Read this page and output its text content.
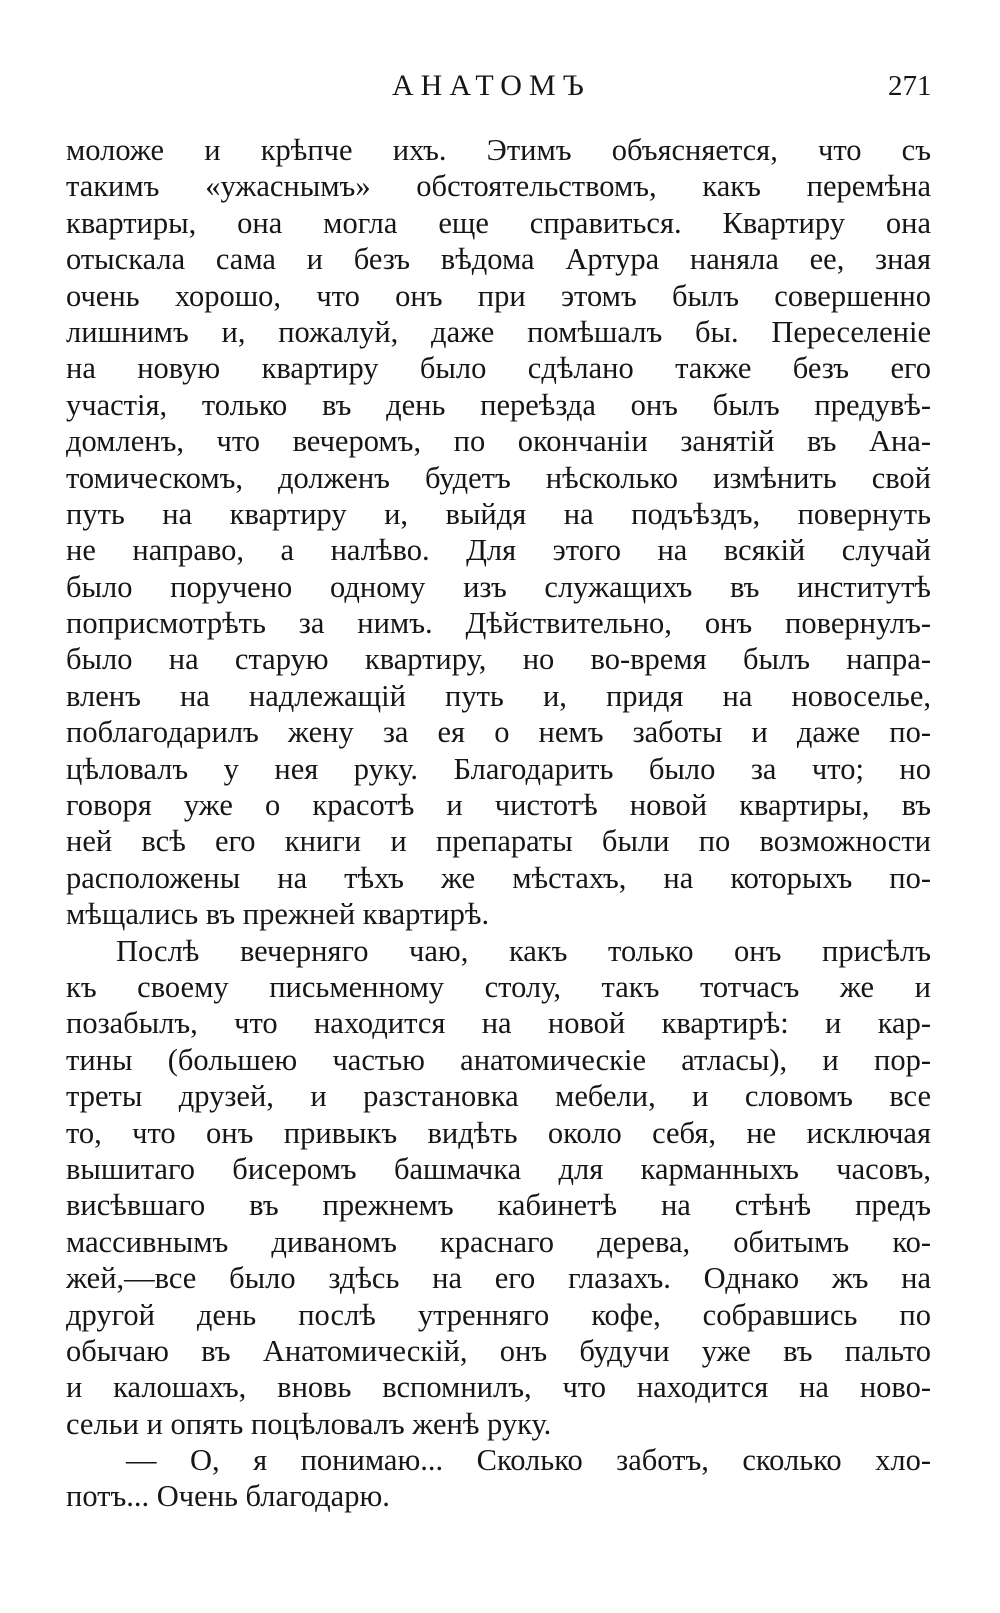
АНАТОМЪ	271
моложе и крѣпче ихъ. Этимъ объясняется, что съ
такимъ «ужаснымъ» обстоятельствомъ, какъ перемѣна
квартиры, она могла еще справиться. Квартиру она
отыскала сама и безъ вѣдома Артура наняла ее, зная
очень хорошо, что онъ при этомъ былъ совершенно
лишнимъ и, пожалуй, даже помѣшалъ бы. Переселеніе
на новую квартиру было сдѣлано также безъ его
участія, только въ день переѣзда онъ былъ предувѣ-
домленъ, что вечеромъ, по окончаніи занятій въ Ана-
томическомъ, долженъ будетъ нѣсколько измѣнить свой
путь на квартиру и, выйдя на подъѣздъ, повернуть
не направо, а налѣво. Для этого на всякій случай
было поручено одному изъ служащихъ въ институтѣ
поприсмотрѣть за нимъ. Дѣйствительно, онъ повернулъ-
было на старую квартиру, но во-время былъ напра-
вленъ на надлежащій путь и, придя на новоселье,
поблагодарилъ жену за ея о немъ заботы и даже по-
цѣловалъ у нея руку. Благодарить было за что; но
говоря уже о красотѣ и чистотѣ новой квартиры, въ
ней всѣ его книги и препараты были по возможности
расположены на тѣхъ же мѣстахъ, на которыхъ по-
мѣщались въ прежней квартирѣ.
Послѣ вечерняго чаю, какъ только онъ присѣлъ
къ своему письменному столу, такъ тотчасъ же и
позабылъ, что находится на новой квартирѣ: и кар-
тины (большею частью анатомическіе атласы), и пор-
треты друзей, и разстановка мебели, и словомъ все
то, что онъ привыкъ видѣть около себя, не исключая
вышитаго бисеромъ башмачка для карманныхъ часовъ,
висѣвшаго въ прежнемъ кабинетѣ на стѣнѣ предъ
массивнымъ диваномъ краснаго дерева, обитымъ ко-
жей,—все было здѣсь на его глазахъ. Однако жъ на
другой день послѣ утренняго кофе, собравшись по
обычаю въ Анатомическій, онъ будучи уже въ пальто
и калошахъ, вновь вспомнилъ, что находится на ново-
сельи и опять поцѣловалъ женѣ руку.
— О, я понимаю... Сколько заботъ, сколько хло-
потъ... Очень благодарю.
